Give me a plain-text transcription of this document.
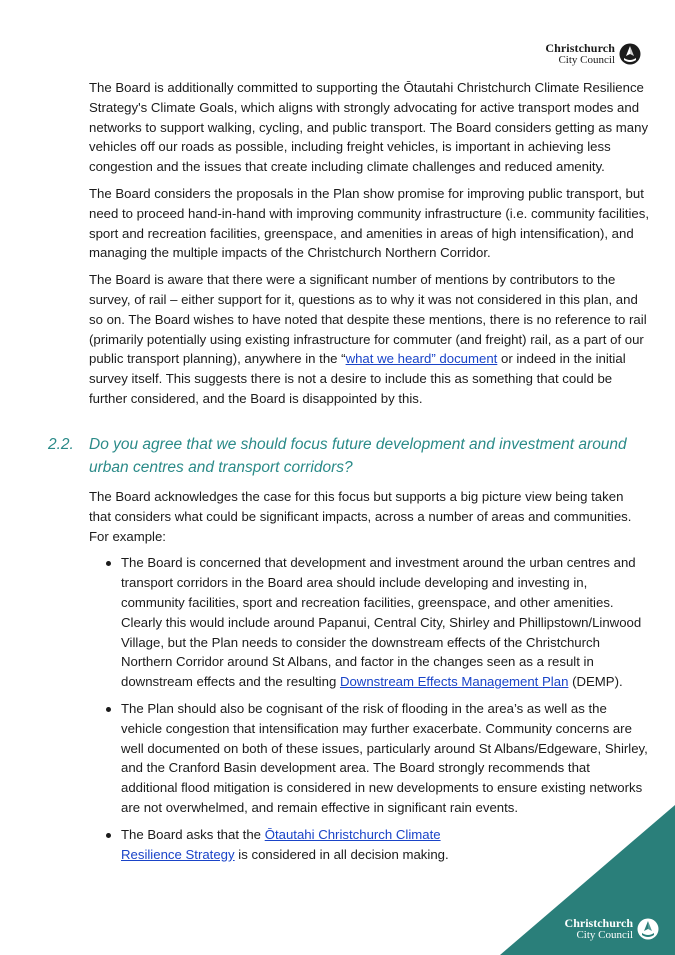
Christchurch
City Council

The Board is additionally committed to supporting the Ōtautahi Christchurch Climate Resilience Strategy's Climate Goals, which aligns with strongly advocating for active transport modes and networks to support walking, cycling, and public transport. The Board considers getting as many vehicles off our roads as possible, including freight vehicles, is important in achieving less congestion and the issues that create including climate challenges and reduced amenity.

The Board considers the proposals in the Plan show promise for improving public transport, but need to proceed hand-in-hand with improving community infrastructure (i.e. community facilities, sport and recreation facilities, greenspace, and amenities in areas of high intensification), and managing the multiple impacts of the Christchurch Northern Corridor.

The Board is aware that there were a significant number of mentions by contributors to the survey, of rail – either support for it, questions as to why it was not considered in this plan, and so on. The Board wishes to have noted that despite these mentions, there is no reference to rail (primarily potentially using existing infrastructure for commuter (and freight) rail, as a part of our public transport planning), anywhere in the “what we heard” document or indeed in the initial survey itself. This suggests there is not a desire to include this as something that could be further considered, and the Board is disappointed by this.

2.2. Do you agree that we should focus future development and investment around urban centres and transport corridors?

The Board acknowledges the case for this focus but supports a big picture view being taken that considers what could be significant impacts, across a number of areas and communities. For example:

The Board is concerned that development and investment around the urban centres and transport corridors in the Board area should include developing and investing in, community facilities, sport and recreation facilities, greenspace, and other amenities. Clearly this would include around Papanui, Central City, Shirley and Phillipstown/Linwood Village, but the Plan needs to consider the downstream effects of the Christchurch Northern Corridor around St Albans, and factor in the changes seen as a result in downstream effects and the resulting Downstream Effects Management Plan (DEMP).
The Plan should also be cognisant of the risk of flooding in the area’s as well as the vehicle congestion that intensification may further exacerbate. Community concerns are well documented on both of these issues, particularly around St Albans/Edgeware, Shirley, and the Cranford Basin development area. The Board strongly recommends that additional flood mitigation is considered in new developments to ensure existing networks are not overwhelmed, and remain effective in significant rain events.
The Board asks that the Ōtautahi Christchurch Climate
Resilience Strategy is considered in all decision making.
Christchurch
City Council
